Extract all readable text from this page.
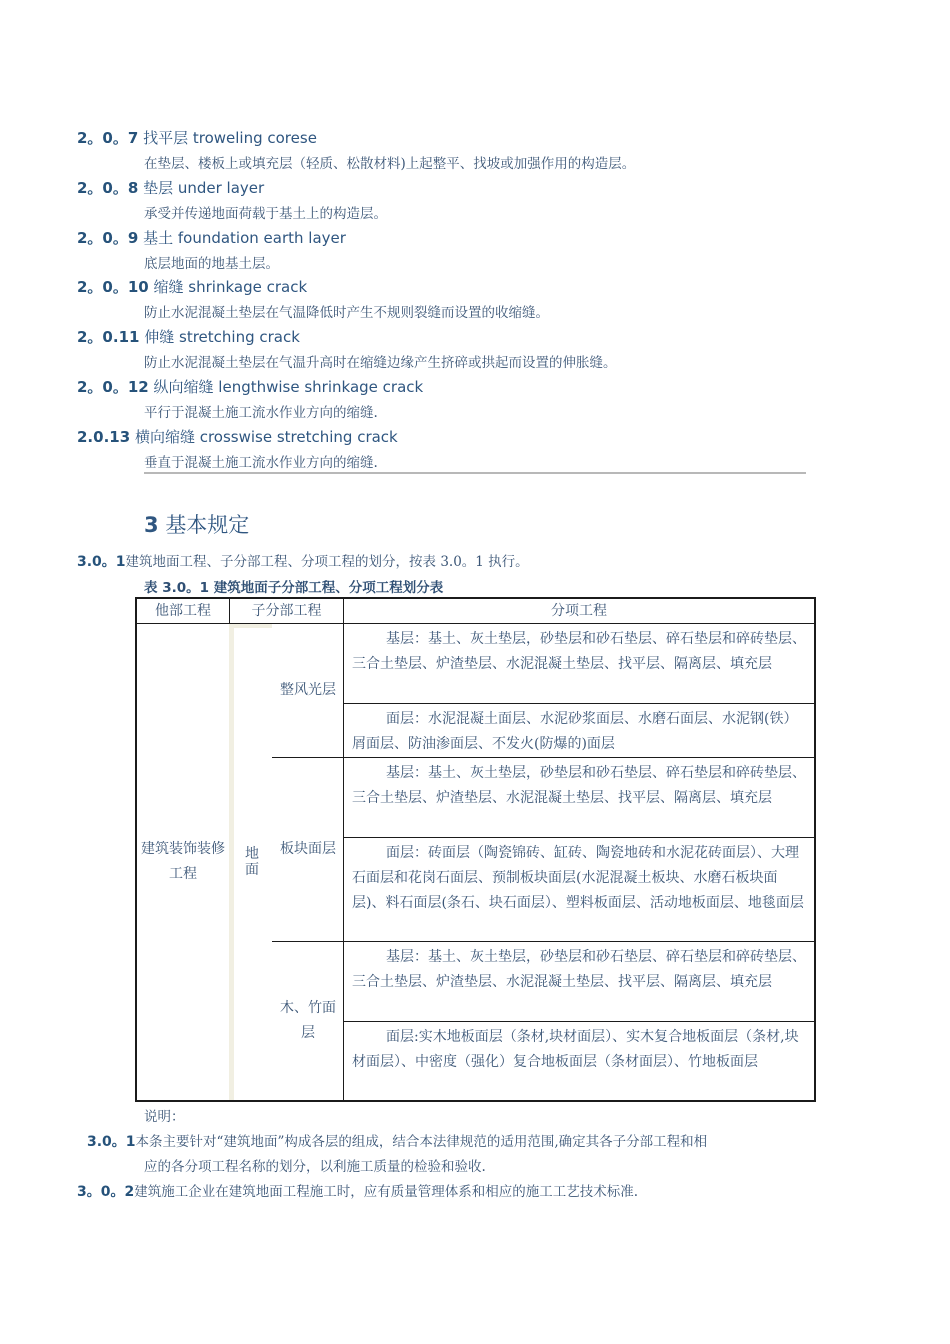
2。0。7 找平层 troweling corese
在垫层、楼板上或填充层（轻质、松散材料)上起整平、找坡或加强作用的构造层。
2。0。8 垫层 under layer
承受并传递地面荷载于基土上的构造层。
2。0。9 基土 foundation earth layer
底层地面的地基土层。
2。0。10 缩缝 shrinkage crack
防止水泥混凝土垫层在气温降低时产生不规则裂缝而设置的收缩缝。
2。0.11 伸缝 stretching crack
防止水泥混凝土垫层在气温升高时在缩缝边缘产生挤碎或拱起而设置的伸胀缝。
2。0。12 纵向缩缝 lengthwise shrinkage crack
平行于混凝土施工流水作业方向的缩缝.
2.0.13 横向缩缝 crosswise stretching crack
垂直于混凝土施工流水作业方向的缩缝.
3 基本规定
3.0。1建筑地面工程、子分部工程、分项工程的划分，按表 3.0。1 执行。
表 3.0。1 建筑地面子分部工程、分项工程划分表
他部工程	子分部工程	分项工程
建筑装饰装修工程
地面
整风光层
板块面层
木、竹面层
基层：基土、灰土垫层，砂垫层和砂石垫层、碎石垫层和碎砖垫层、三合土垫层、炉渣垫层、水泥混凝土垫层、找平层、隔离层、填充层
面层：水泥混凝土面层、水泥砂浆面层、水磨石面层、水泥钢(铁）屑面层、防油渗面层、不发火(防爆的)面层
基层：基土、灰土垫层，砂垫层和砂石垫层、碎石垫层和碎砖垫层、三合土垫层、炉渣垫层、水泥混凝土垫层、找平层、隔离层、填充层
面层：砖面层（陶瓷锦砖、缸砖、陶瓷地砖和水泥花砖面层）、大理石面层和花岗石面层、预制板块面层(水泥混凝土板块、水磨石板块面层)、料石面层(条石、块石面层）、塑料板面层、活动地板面层、地毯面层
基层：基土、灰土垫层，砂垫层和砂石垫层、碎石垫层和碎砖垫层、三合土垫层、炉渣垫层、水泥混凝土垫层、找平层、隔离层、填充层
面层:实木地板面层（条材,块材面层）、实木复合地板面层（条材,块材面层）、中密度（强化）复合地板面层（条材面层）、竹地板面层
说明：
3.0。1本条主要针对“建筑地面”构成各层的组成，结合本法律规范的适用范围,确定其各子分部工程和相
应的各分项工程名称的划分，以利施工质量的检验和验收.
3。0。2建筑施工企业在建筑地面工程施工时，应有质量管理体系和相应的施工工艺技术标准.
